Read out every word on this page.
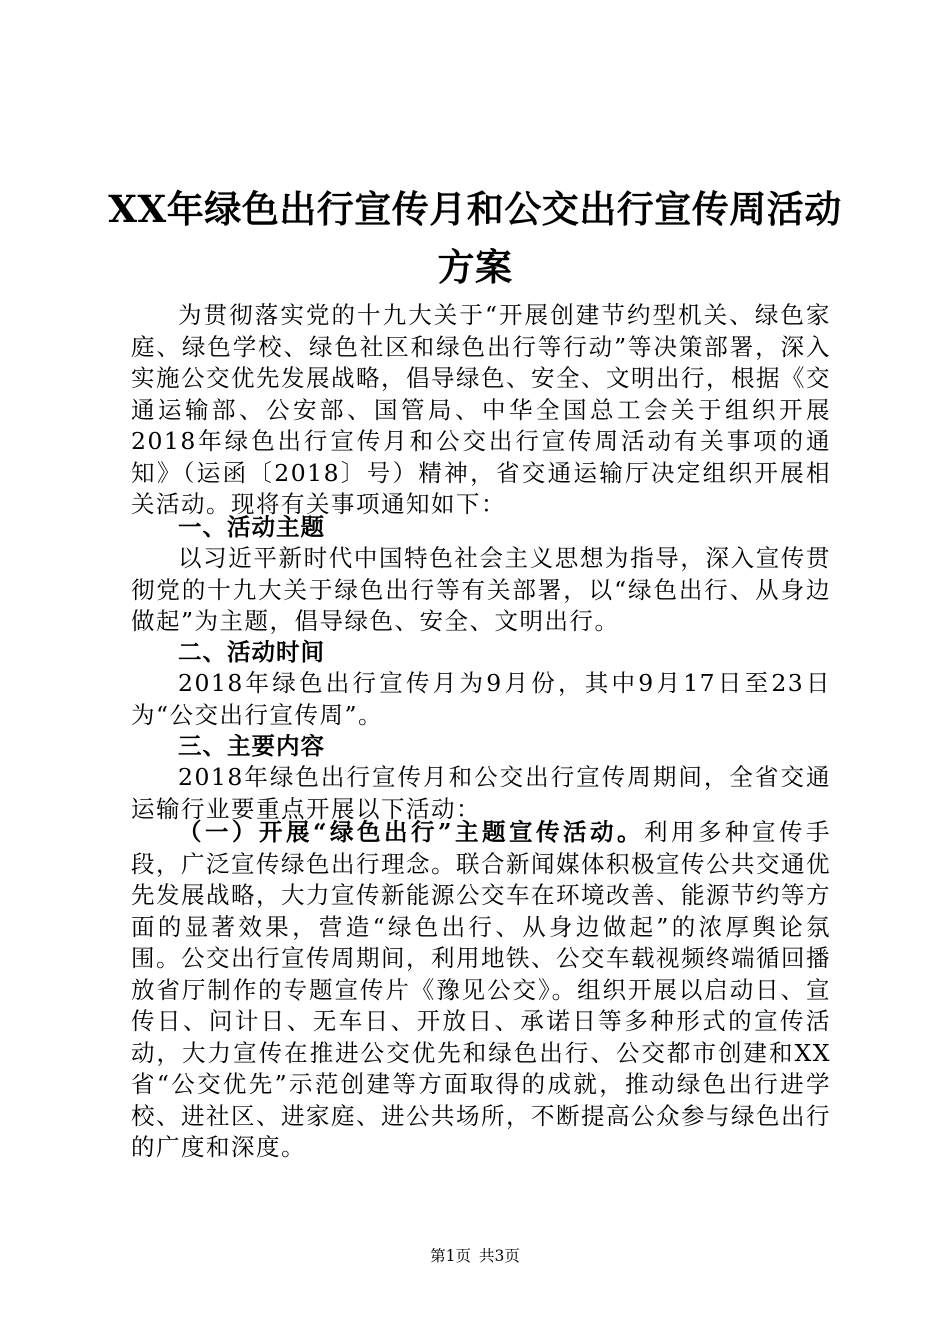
XX年绿色出行宣传月和公交出行宣传周活动
方案

为贯彻落实党的十九大关于“开展创建节约型机关、绿色家庭、绿色学校、绿色社区和绿色出行等行动”等决策部署，深入实施公交优先发展战略，倡导绿色、安全、文明出行，根据《交通运输部、公安部、国管局、中华全国总工会关于组织开展2018年绿色出行宣传月和公交出行宣传周活动有关事项的通知》（运函〔2018〕号）精神，省交通运输厅决定组织开展相关活动。现将有关事项通知如下：

一、活动主题

以习近平新时代中国特色社会主义思想为指导，深入宣传贯彻党的十九大关于绿色出行等有关部署，以“绿色出行、从身边做起”为主题，倡导绿色、安全、文明出行。

二、活动时间

2018年绿色出行宣传月为9月份，其中9月17日至23日为“公交出行宣传周”。

三、主要内容

2018年绿色出行宣传月和公交出行宣传周期间，全省交通运输行业要重点开展以下活动：

（一）开展“绿色出行”主题宣传活动。利用多种宣传手段，广泛宣传绿色出行理念。联合新闻媒体积极宣传公共交通优先发展战略，大力宣传新能源公交车在环境改善、能源节约等方面的显著效果，营造“绿色出行、从身边做起”的浓厚舆论氛围。公交出行宣传周期间，利用地铁、公交车载视频终端循回播放省厅制作的专题宣传片《豫见公交》。组织开展以启动日、宣传日、问计日、无车日、开放日、承诺日等多种形式的宣传活动，大力宣传在推进公交优先和绿色出行、公交都市创建和XX省“公交优先”示范创建等方面取得的成就，推动绿色出行进学校、进社区、进家庭、进公共场所，不断提高公众参与绿色出行的广度和深度。

第1页 共3页
